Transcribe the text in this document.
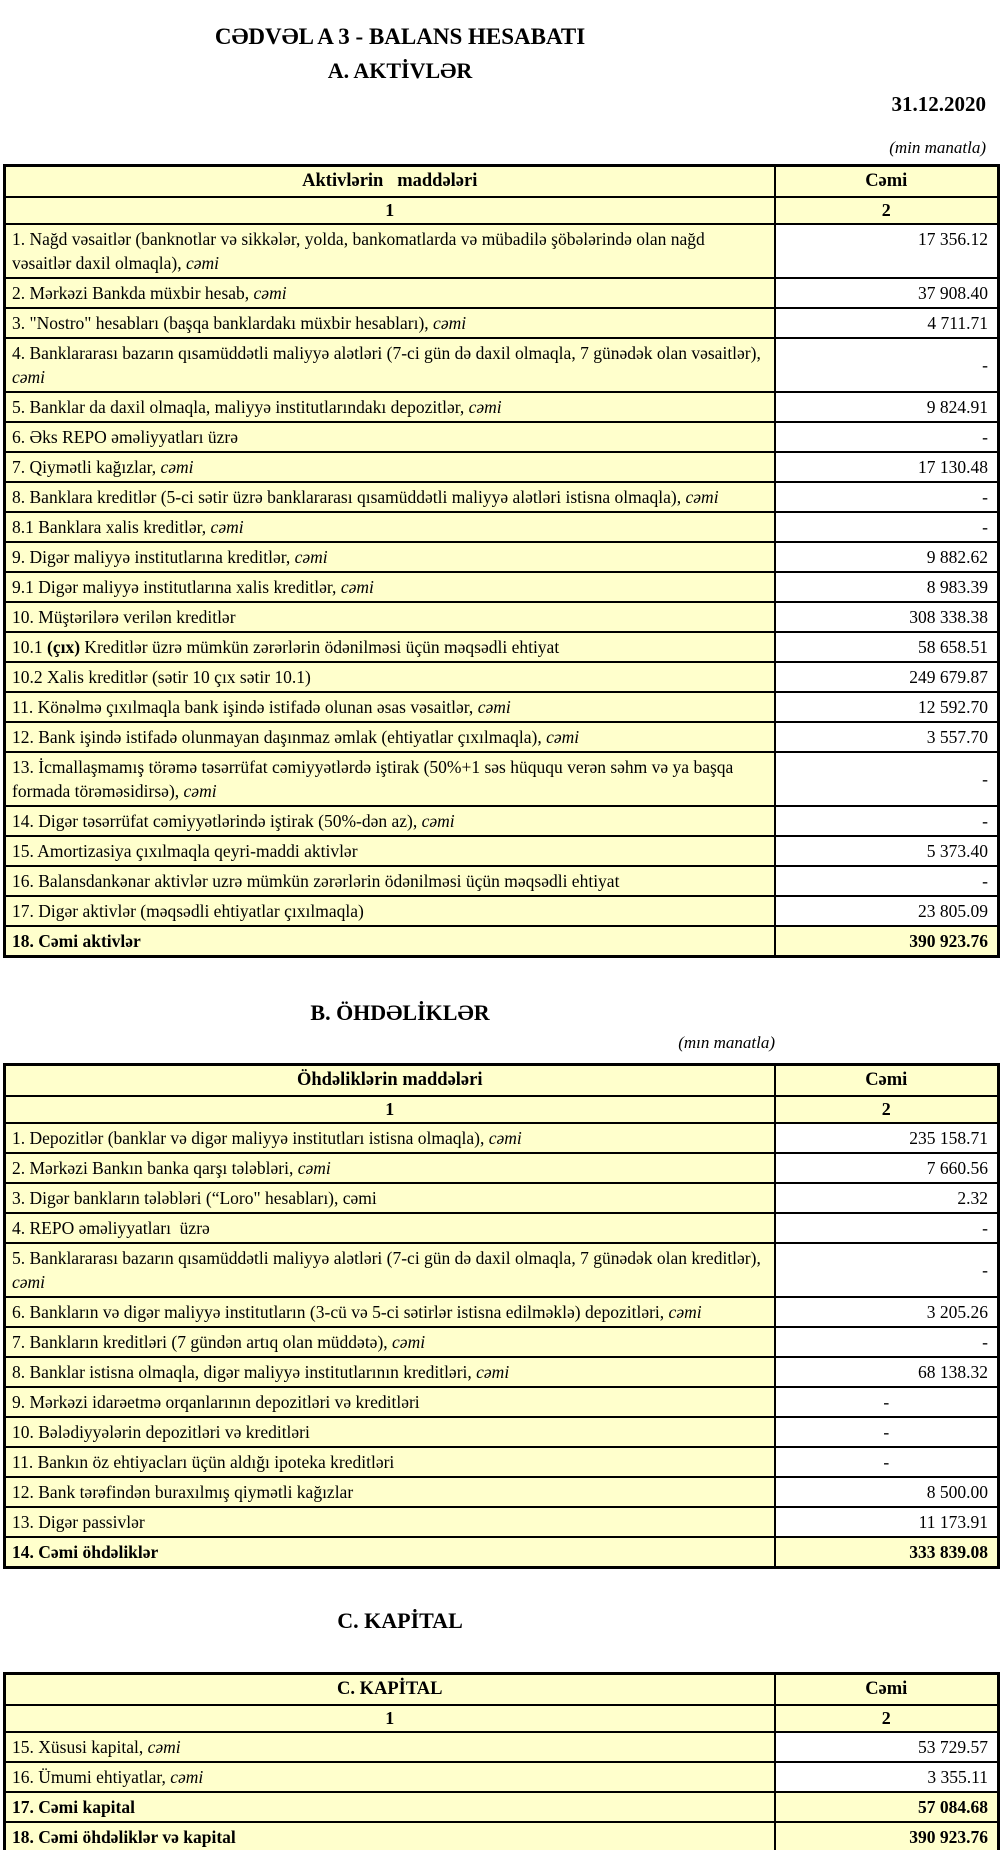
CƏDVƏL A 3 - BALANS HESABATI
A. AKTİVLƏR
31.12.2020
(min manatla)
Aktivlərin   maddələri	Cəmi
1	2
1. Nağd vəsaitlər (banknotlar və sikkələr, yolda, bankomatlarda və mübadilə şöbələrində olan nağd vəsaitlər daxil olmaqla), cəmi	17 356.12
2. Mərkəzi Bankda müxbir hesab, cəmi	37 908.40
3. "Nostro" hesabları (başqa banklardakı müxbir hesabları), cəmi	4 711.71
4. Banklararası bazarın qısamüddətli maliyyə alətləri (7-ci gün də daxil olmaqla, 7 günədək olan vəsaitlər), cəmi	-
5. Banklar da daxil olmaqla, maliyyə institutlarındakı depozitlər, cəmi	9 824.91
6. Əks REPO əməliyyatları üzrə	-
7. Qiymətli kağızlar, cəmi	17 130.48
8. Banklara kreditlər (5-ci sətir üzrə banklararası qısamüddətli maliyyə alətləri istisna olmaqla), cəmi	-
8.1 Banklara xalis kreditlər, cəmi	-
9. Digər maliyyə institutlarına kreditlər, cəmi	9 882.62
9.1 Digər maliyyə institutlarına xalis kreditlər, cəmi	8 983.39
10. Müştərilərə verilən kreditlər	308 338.38
10.1 (çıx) Kreditlər üzrə mümkün zərərlərin ödənilməsi üçün məqsədli ehtiyat	58 658.51
10.2 Xalis kreditlər (sətir 10 çıx sətir 10.1)	249 679.87
11. Könəlmə çıxılmaqla bank işində istifadə olunan əsas vəsaitlər, cəmi	12 592.70
12. Bank işində istifadə olunmayan daşınmaz əmlak (ehtiyatlar çıxılmaqla), cəmi	3 557.70
13. İcmallaşmamış törəmə təsərrüfat cəmiyyətlərdə iştirak (50%+1 səs hüququ verən səhm və ya başqa formada törəməsidirsə), cəmi	-
14. Digər təsərrüfat cəmiyyətlərində iştirak (50%-dən az), cəmi	-
15. Amortizasiya çıxılmaqla qeyri-maddi aktivlər	5 373.40
16. Balansdankənar aktivlər uzrə mümkün zərərlərin ödənilməsi üçün məqsədli ehtiyat	-
17. Digər aktivlər (məqsədli ehtiyatlar çıxılmaqla)	23 805.09
18. Cəmi aktivlər	390 923.76
B. ÖHDƏLİKLƏR
(mın manatla)
Öhdəliklərin maddələri	Cəmi
1	2
1. Depozitlər (banklar və digər maliyyə institutları istisna olmaqla), cəmi	235 158.71
2. Mərkəzi Bankın banka qarşı tələbləri, cəmi	7 660.56
3. Digər bankların tələbləri (“Loro" hesabları), cəmi	2.32
4. REPO əməliyyatları  üzrə	-
5. Banklararası bazarın qısamüddətli maliyyə alətləri (7-ci gün də daxil olmaqla, 7 günədək olan kreditlər), cəmi	-
6. Bankların və digər maliyyə institutların (3-cü və 5-ci sətirlər istisna edilməklə) depozitləri, cəmi	3 205.26
7. Bankların kreditləri (7 gündən artıq olan müddətə), cəmi	-
8. Banklar istisna olmaqla, digər maliyyə institutlarının kreditləri, cəmi	68 138.32
9. Mərkəzi idarəetmə orqanlarının depozitləri və kreditləri	-
10. Bələdiyyələrin depozitləri və kreditləri	-
11. Bankın öz ehtiyacları üçün aldığı ipoteka kreditləri	-
12. Bank tərəfindən buraxılmış qiymətli kağızlar	8 500.00
13. Digər passivlər	11 173.91
14. Cəmi öhdəliklər	333 839.08
C. KAPİTAL
C. KAPİTAL	Cəmi
1	2
15. Xüsusi kapital, cəmi	53 729.57
16. Ümumi ehtiyatlar, cəmi	3 355.11
17. Cəmi kapital	57 084.68
18. Cəmi öhdəliklər və kapital	390 923.76
